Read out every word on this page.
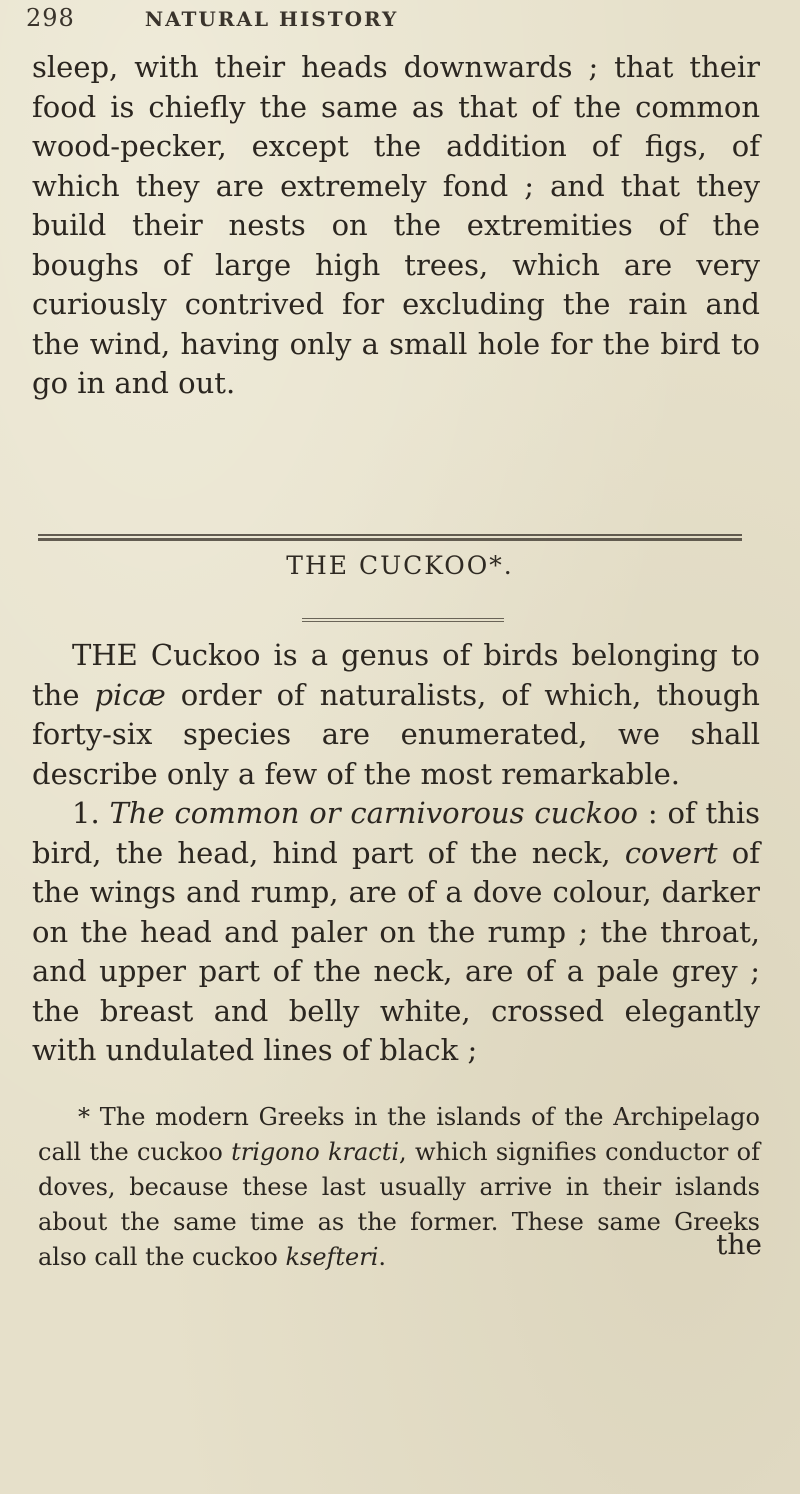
298	NATURAL HISTORY

sleep, with their heads downwards ; that their food is chiefly the same as that of the common wood-pecker, except the addition of figs, of which they are extremely fond ; and that they build their nests on the extremities of the boughs of large high trees, which are very curiously contrived for excluding the rain and the wind, having only a small hole for the bird to go in and out.

THE CUCKOO*.

THE Cuckoo is a genus of birds belonging to the picæ order of naturalists, of which, though forty-six species are enumerated, we shall describe only a few of the most remarkable.

1. The common or carnivorous cuckoo : of this bird, the head, hind part of the neck, covert of the wings and rump, are of a dove colour, darker on the head and paler on the rump ; the throat, and upper part of the neck, are of a pale grey ; the breast and belly white, crossed elegantly with undulated lines of black ;

* The modern Greeks in the islands of the Archipelago call the cuckoo trigono kracti, which signifies conductor of doves, because these last usually arrive in their islands about the same time as the former. These same Greeks also call the cuckoo ksefteri.	the
